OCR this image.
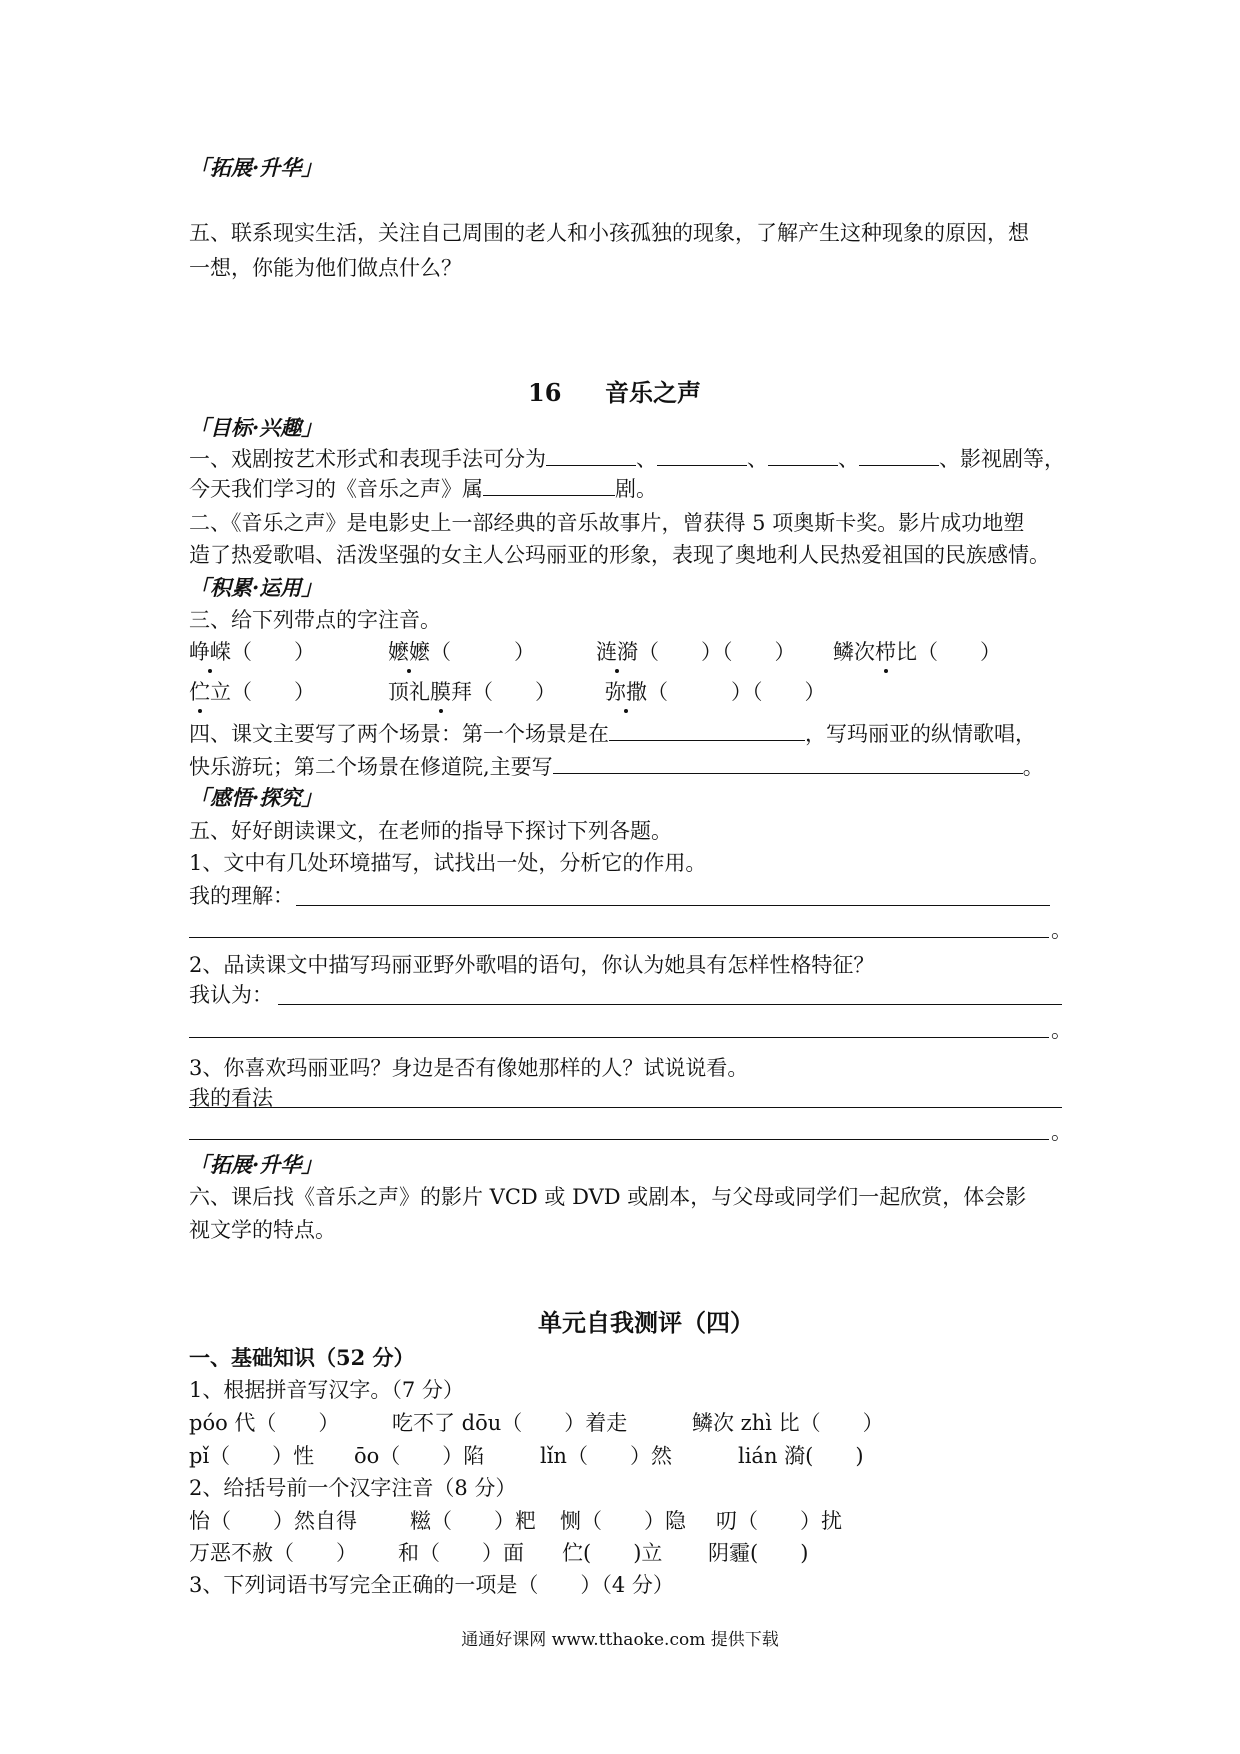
「拓展·升华」
五、联系现实生活，关注自己周围的老人和小孩孤独的现象，了解产生这种现象的原因，想
一想，你能为他们做点什么？
16 音乐之声
「目标·兴趣」
一、戏剧按艺术形式和表现手法可分为	、	、	、	、影视剧等，
今天我们学习的《音乐之声》属	剧。
二、《音乐之声》是电影史上一部经典的音乐故事片，曾获得 5 项奥斯卡奖。影片成功地塑
造了热爱歌唱、活泼坚强的女主人公玛丽亚的形象，表现了奥地利人民热爱祖国的民族感情。
「积累·运用」
三、给下列带点的字注音。
峥嵘（　　）	嬷嬷（　　　）	涟漪（　　）（　　） 鳞次栉比（　　）
伫立（　　）	顶礼膜拜（　　） 弥撒（　　　）（　　）
四、课文主要写了两个场景：第一个场景是在	，写玛丽亚的纵情歌唱，
快乐游玩；第二个场景在修道院,主要写	。
「感悟·探究」
五、好好朗读课文，在老师的指导下探讨下列各题。
1、文中有几处环境描写，试找出一处，分析它的作用。
我的理解：
。
2、品读课文中描写玛丽亚野外歌唱的语句，你认为她具有怎样性格特征？
我认为：
。
3、你喜欢玛丽亚吗？身边是否有像她那样的人？试说说看。
我的看法
。
「拓展·升华」
六、课后找《音乐之声》的影片 VCD 或 DVD 或剧本，与父母或同学们一起欣赏，体会影
视文学的特点。
单元自我测评（四）
一、基础知识（52 分）
1、根据拼音写汉字。（7 分）
póo 代（　　）	吃不了 dōu（　　）着走	鳞次 zhì 比（　　）
pǐ（　　）性 ōo（　　）陷	lǐn（　　）然	lián 漪(　　)
2、给括号前一个汉字注音（8 分）
怡（　　）然自得	糍（　　）粑 恻（　　）隐 叨（　　）扰
万恶不赦（　　） 和（　　）面 伫(　　)立 阴霾(　　)
3、下列词语书写完全正确的一项是（　　）（4 分）
通通好课网 www.tthaoke.com 提供下载
